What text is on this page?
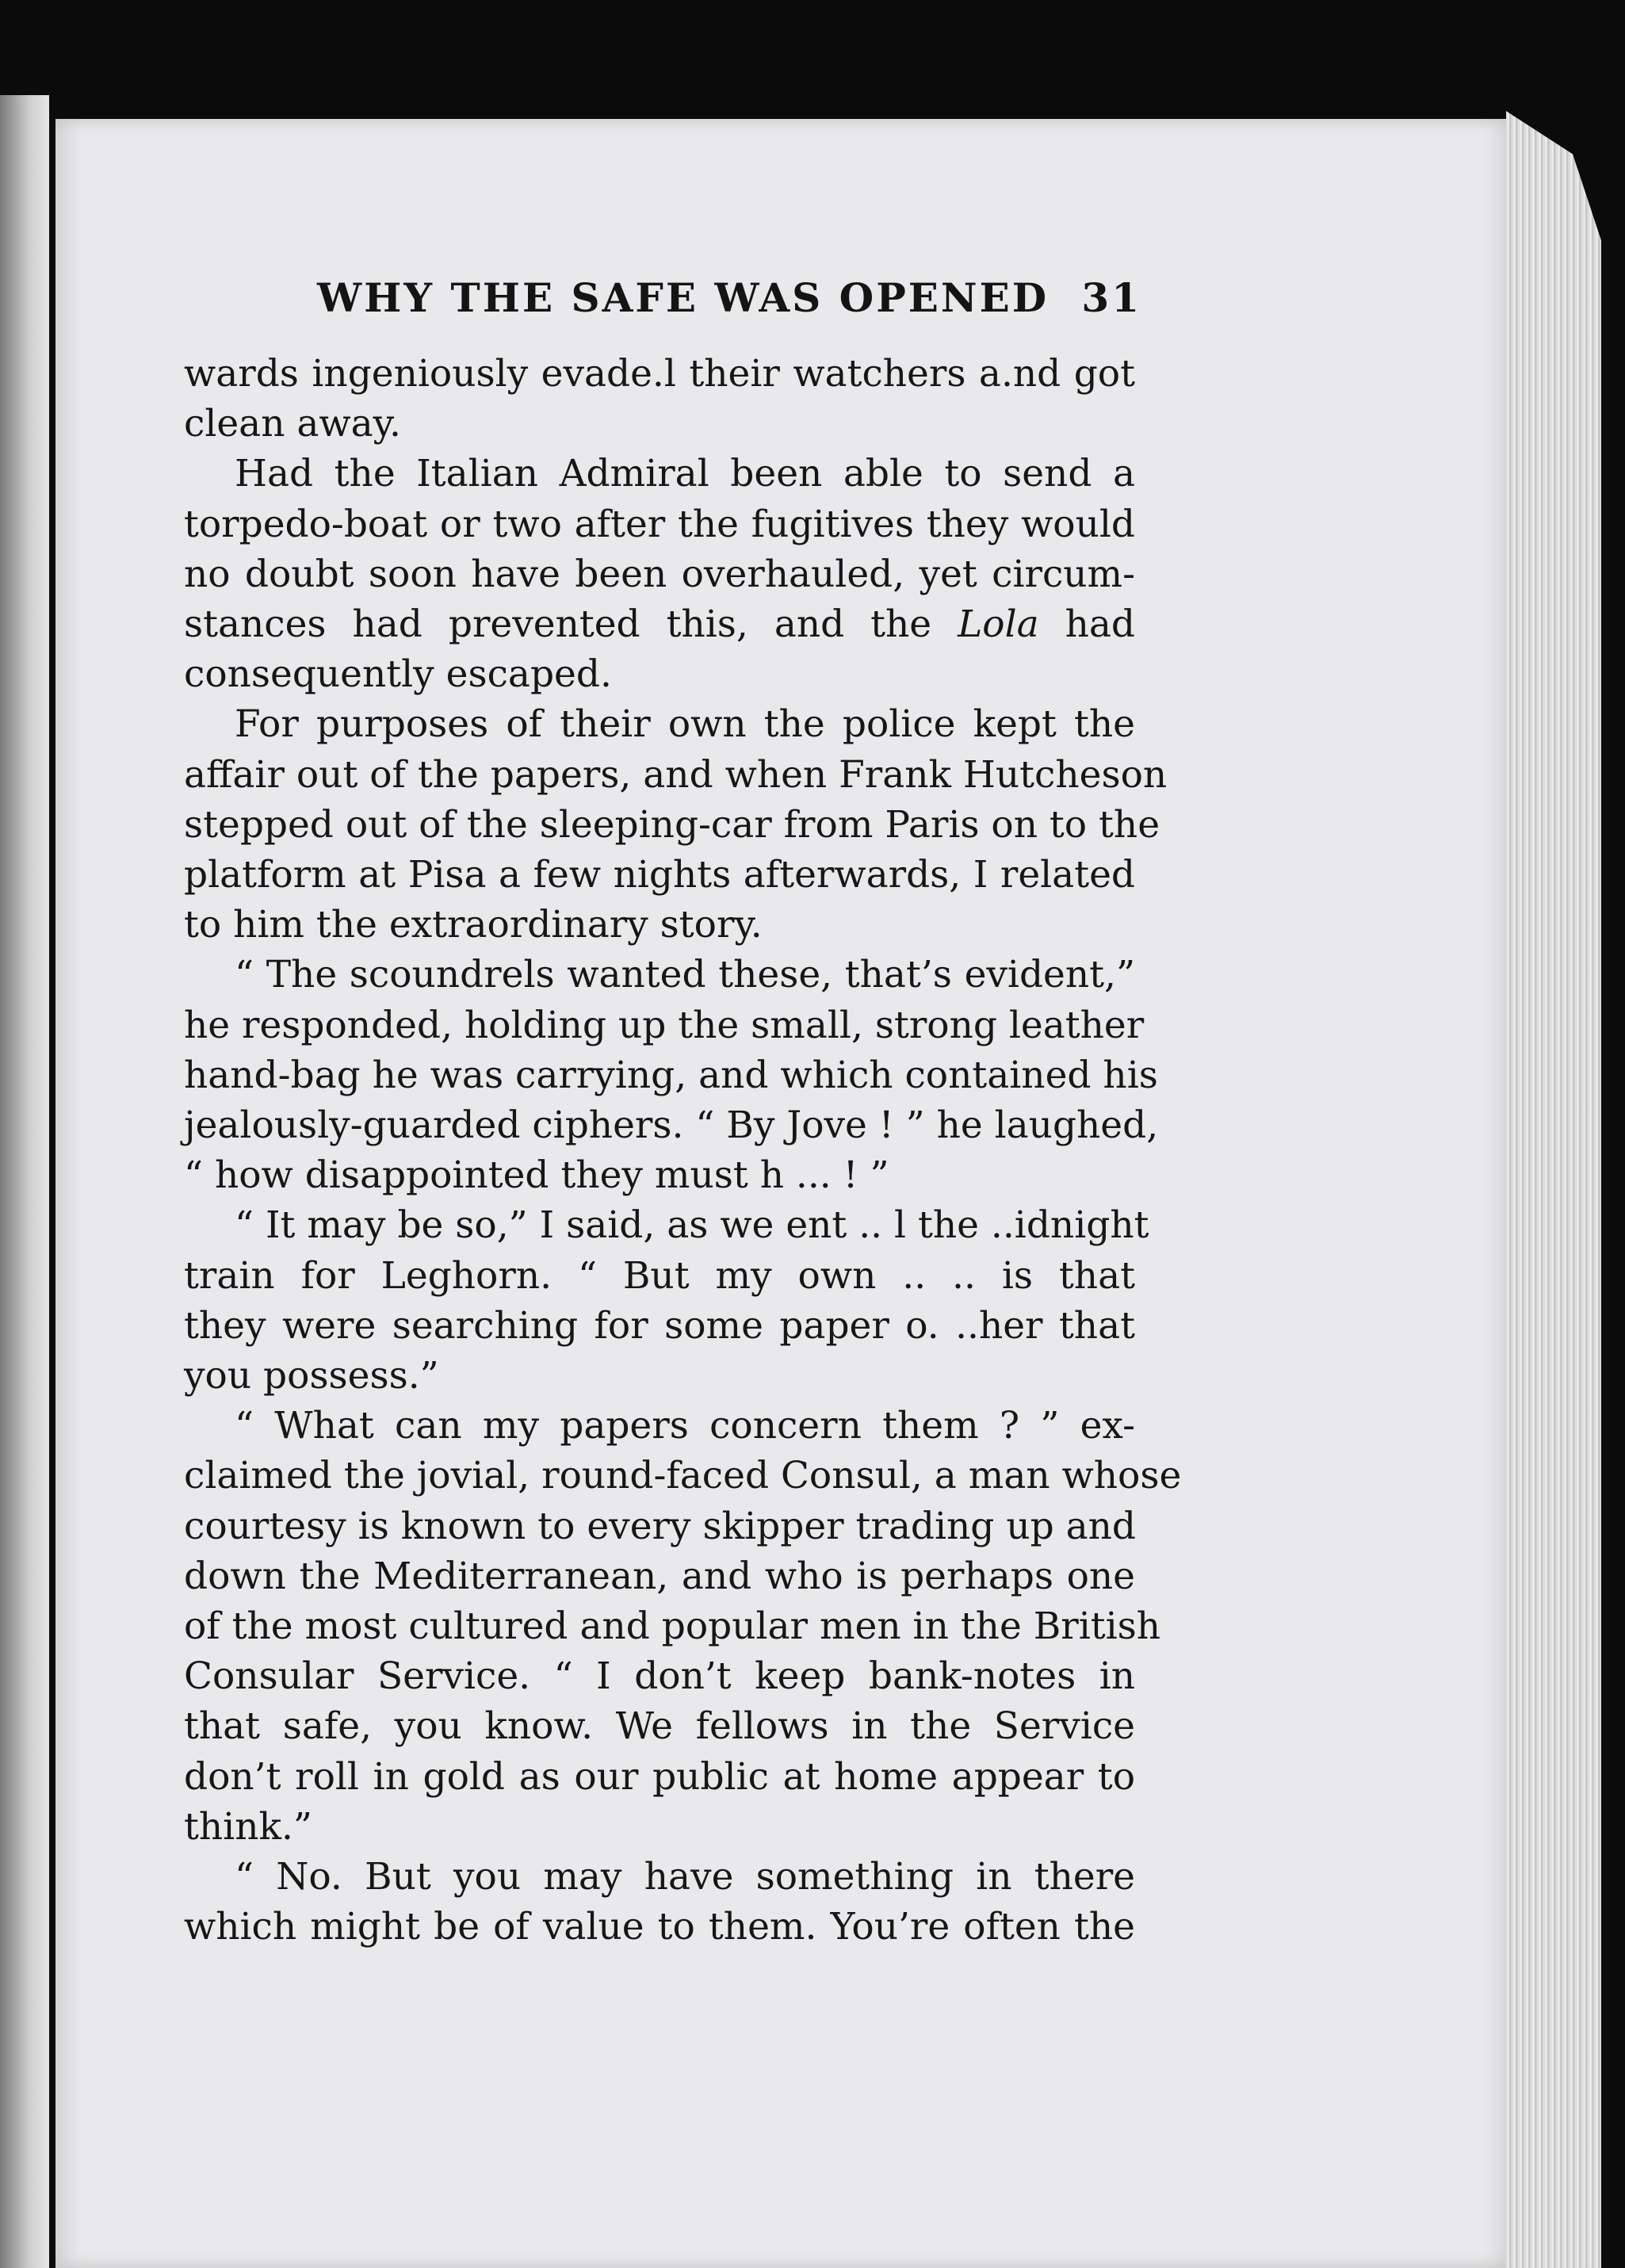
WHY THE SAFE WAS OPENED 31
wards ingeniously evade.l their watchers a.nd got
clean away.
Had the Italian Admiral been able to send a
torpedo-boat or two after the fugitives they would
no doubt soon have been overhauled, yet circum-
stances had prevented this, and the Lola had
consequently escaped.
For purposes of their own the police kept the
affair out of the papers, and when Frank Hutcheson
stepped out of the sleeping-car from Paris on to the
platform at Pisa a few nights afterwards, I related
to him the extraordinary story.
“ The scoundrels wanted these, that’s evident,”
he responded, holding up the small, strong leather
hand-bag he was carrying, and which contained his
jealously-guarded ciphers. “ By Jove ! ” he laughed,
“ how disappointed they must h ... ! ”
“ It may be so,” I said, as we ent .. l the ..idnight
train for Leghorn. “ But my own .. .. is that
they were searching for some paper o. ..her that
you possess.”
“ What can my papers concern them ? ” ex-
claimed the jovial, round-faced Consul, a man whose
courtesy is known to every skipper trading up and
down the Mediterranean, and who is perhaps one
of the most cultured and popular men in the British
Consular Service. “ I don’t keep bank-notes in
that safe, you know. We fellows in the Service
don’t roll in gold as our public at home appear to
think.”
“ No. But you may have something in there
which might be of value to them. You’re often the
